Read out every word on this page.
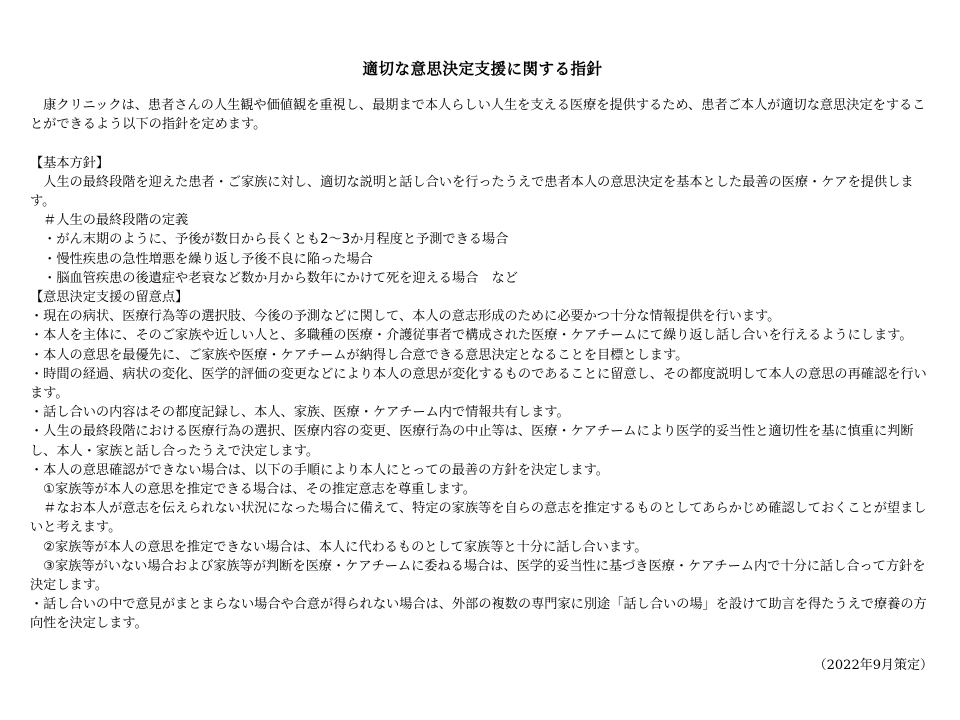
適切な意思決定支援に関する指針

　康クリニックは、患者さんの人生観や価値観を重視し、最期まで本人らしい人生を支える医療を提供するため、患者ご本人が適切な意思決定をすることができるよう以下の指針を定めます。

【基本方針】

　人生の最終段階を迎えた患者・ご家族に対し、適切な説明と話し合いを行ったうえで患者本人の意思決定を基本とした最善の医療・ケアを提供します。

　＃人生の最終段階の定義

　・がん末期のように、予後が数日から長くとも2～3か月程度と予測できる場合

　・慢性疾患の急性増悪を繰り返し予後不良に陥った場合

　・脳血管疾患の後遺症や老衰など数か月から数年にかけて死を迎える場合　など

【意思決定支援の留意点】

・現在の病状、医療行為等の選択肢、今後の予測などに関して、本人の意志形成のために必要かつ十分な情報提供を行います。

・本人を主体に、そのご家族や近しい人と、多職種の医療・介護従事者で構成された医療・ケアチームにて繰り返し話し合いを行えるようにします。

・本人の意思を最優先に、ご家族や医療・ケアチームが納得し合意できる意思決定となることを目標とします。

・時間の経過、病状の変化、医学的評価の変更などにより本人の意思が変化するものであることに留意し、その都度説明して本人の意思の再確認を行います。

・話し合いの内容はその都度記録し、本人、家族、医療・ケアチーム内で情報共有します。

・人生の最終段階における医療行為の選択、医療内容の変更、医療行為の中止等は、医療・ケアチームにより医学的妥当性と適切性を基に慎重に判断し、本人・家族と話し合ったうえで決定します。

・本人の意思確認ができない場合は、以下の手順により本人にとっての最善の方針を決定します。

　①家族等が本人の意思を推定できる場合は、その推定意志を尊重します。

　＃なお本人が意志を伝えられない状況になった場合に備えて、特定の家族等を自らの意志を推定するものとしてあらかじめ確認しておくことが望ましいと考えます。

　②家族等が本人の意思を推定できない場合は、本人に代わるものとして家族等と十分に話し合います。

　③家族等がいない場合および家族等が判断を医療・ケアチームに委ねる場合は、医学的妥当性に基づき医療・ケアチーム内で十分に話し合って方針を決定します。

・話し合いの中で意見がまとまらない場合や合意が得られない場合は、外部の複数の専門家に別途「話し合いの場」を設けて助言を得たうえで療養の方向性を決定します。

（2022年9月策定）
